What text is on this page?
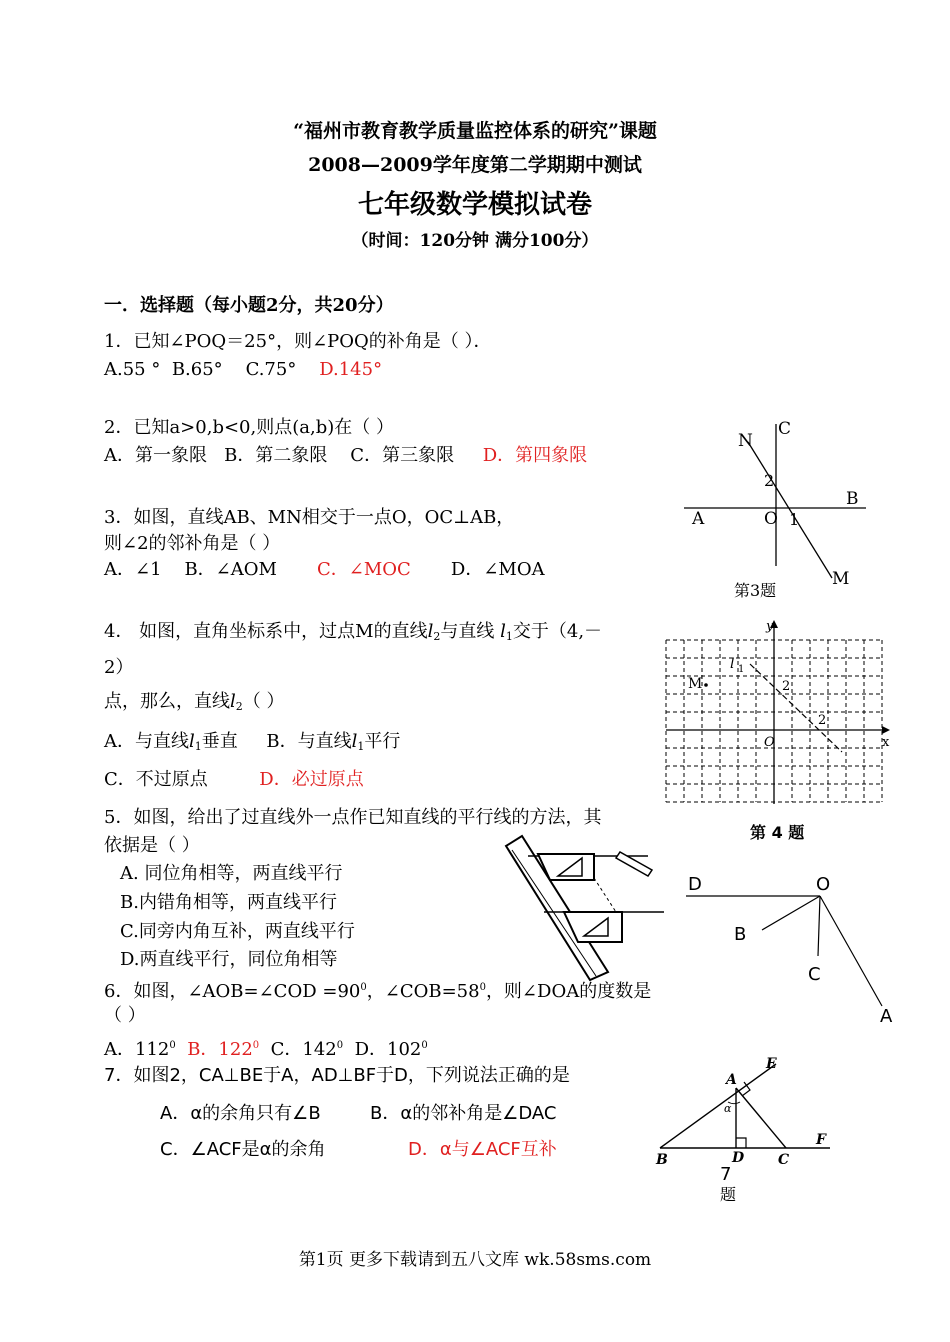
“福州市教育教学质量监控体系的研究”课题
2008—2009学年度第二学期期中测试
七年级数学模拟试卷
（时间：120分钟 满分100分）
一．选择题（每小题2分，共20分）
1．已知∠POQ＝25°，则∠POQ的补角是（ ）．
A.55 ° B.65° C.75° D.145°
2．已知a>0,b<0,则点(a,b)在（ ）
A．第一象限 B．第二象限 C．第三象限 D．第四象限
3．如图，直线AB、MN相交于一点O，OC⊥AB，
则∠2的邻补角是（ ）
A．∠1 B．∠AOM C．∠MOC D．∠MOA
N
C
2
B
A	O 1
M
第3题
4． 如图，直角坐标系中，过点M的直线$l_2$与直线 $l_1$交于（4,－
2）
点，那么，直线$l_2$（ ）
A．与直线$l_1$垂直 B．与直线$l_1$平行
C．不过原点	D．必过原点
y
x
l 1
M	2
2
O
第 4 题
5．如图，给出了过直线外一点作已知直线的平行线的方法，其
依据是（ ）
A. 同位角相等，两直线平行
B.内错角相等，两直线平行
C.同旁内角互补，两直线平行
D.两直线平行，同位角相等
6．如图，∠AOB=∠COD $=90^0$，$\angle COB=58^0$，则∠DOA的度数是
（ ）
A．$112^0$ B．$122^0$ C．$142^0$ D．$102^0$
D	O
B
C
A
7．如图2，CA⊥BE于A，AD⊥BF于D，下列说法正确的是
A．α的余角只有∠B	B．α的邻补角是∠DAC
C．∠ACF是α的余角	D．α与∠ACF互补
E
A
α
F
B	D C
7
题
第1页 更多下载请到五八文库 wk.58sms.com
